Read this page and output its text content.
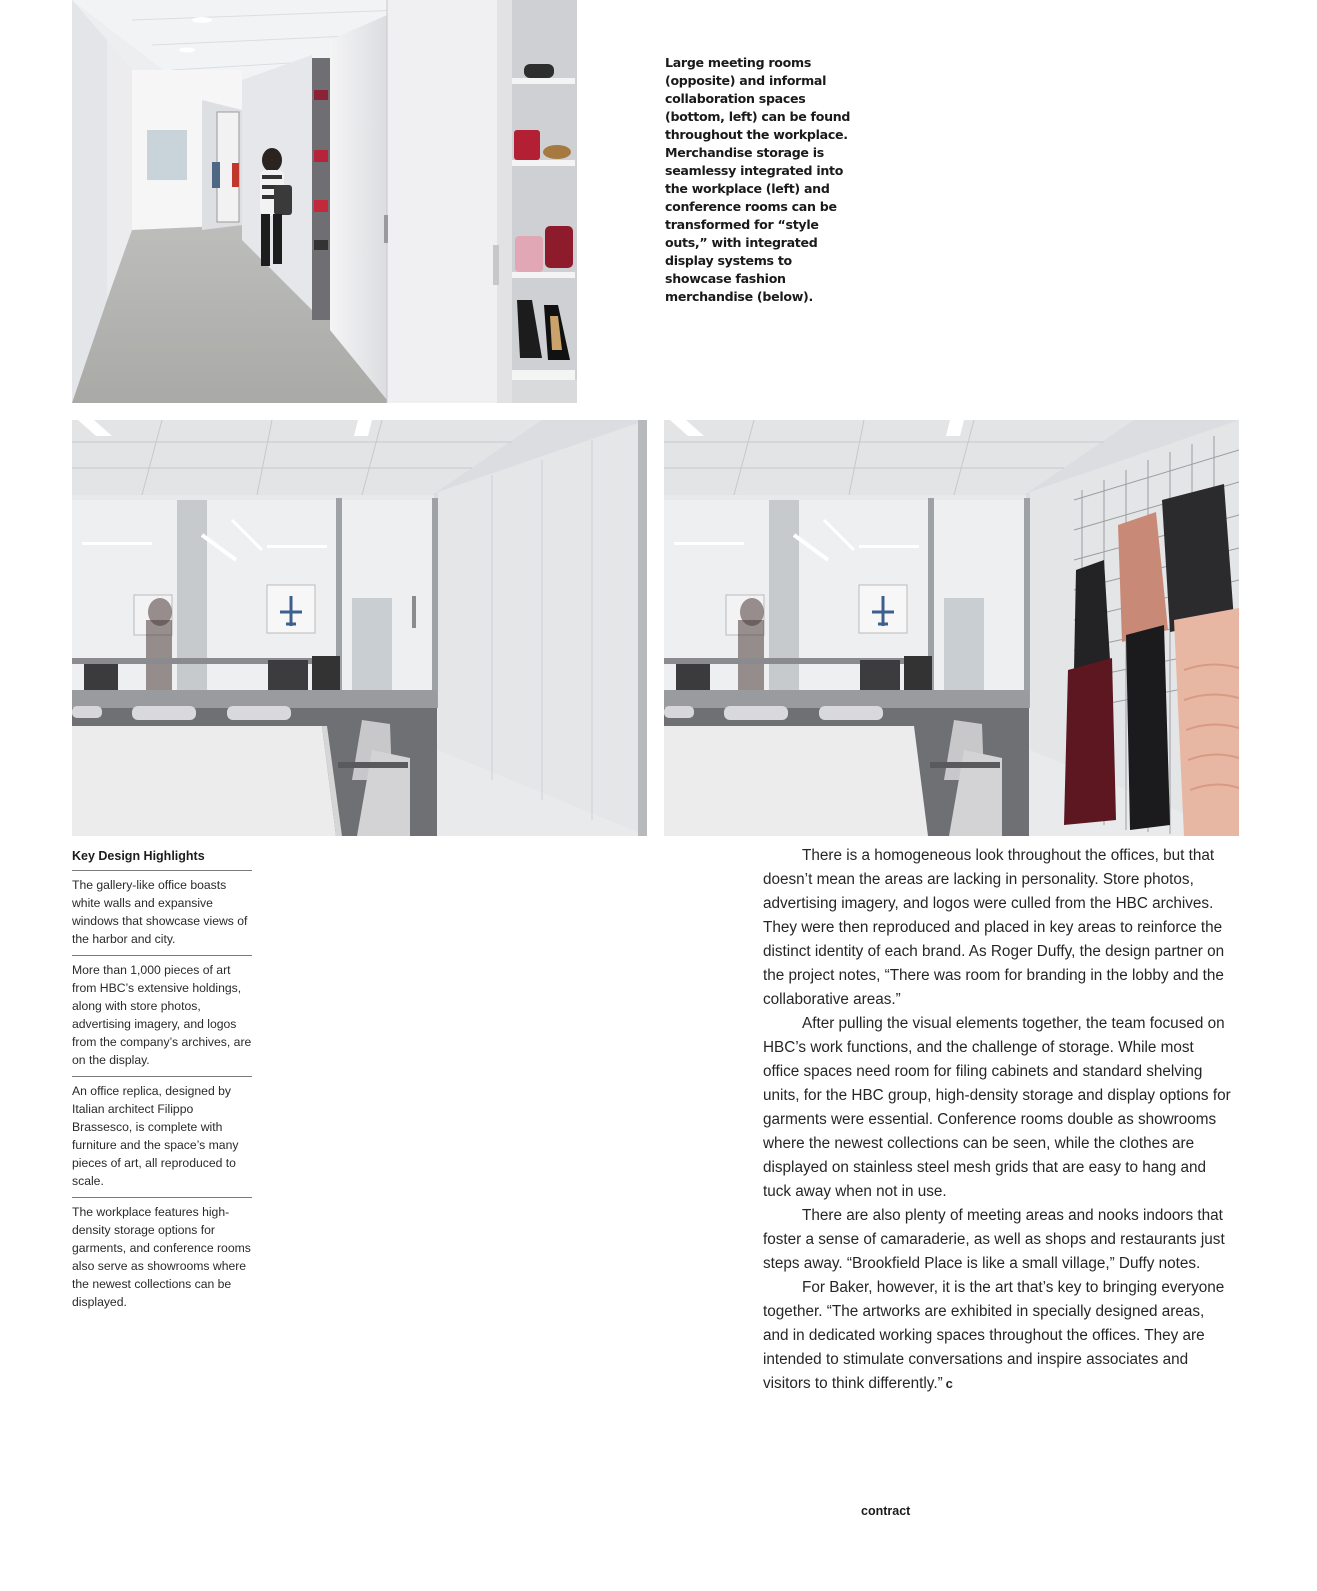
Large meeting rooms (opposite) and informal collaboration spaces (bottom, left) can be found throughout the workplace. Merchandise storage is seamlessy integrated into the workplace (left) and conference rooms can be transformed for “style outs,” with integrated display systems to showcase fashion merchandise (below).
Key Design Highlights
The gallery-like office boasts white walls and expansive windows that showcase views of the harbor and city.
More than 1,000 pieces of art from HBC’s extensive holdings, along with store photos, advertising imagery, and logos from the company’s archives, are on the display.
An office replica, designed by Italian architect Filippo Brassesco, is complete with furniture and the space’s many pieces of art, all reproduced to scale.
The workplace features high-density storage options for garments, and conference rooms also serve as showrooms where the newest collections can be displayed.

There is a homogeneous look throughout the offices, but that doesn’t mean the areas are lacking in personality. Store photos, advertising imagery, and logos were culled from the HBC archives. They were then reproduced and placed in key areas to reinforce the distinct identity of each brand. As Roger Duffy, the design partner on the project notes, “There was room for branding in the lobby and the collaborative areas.”

After pulling the visual elements together, the team focused on HBC’s work functions, and the challenge of storage. While most office spaces need room for filing cabinets and standard shelving units, for the HBC group, high-density storage and display options for garments were essential. Conference rooms double as showrooms where the newest collections can be seen, while the clothes are displayed on stainless steel mesh grids that are easy to hang and tuck away when not in use.

There are also plenty of meeting areas and nooks indoors that foster a sense of camaraderie, as well as shops and restaurants just steps away. “Brookfield Place is like a small village,” Duffy notes.

For Baker, however, it is the art that’s key to bringing everyone together. “The artworks are exhibited in specially designed areas, and in dedicated working spaces throughout the offices. They are intended to stimulate conversations and inspire associates and visitors to think differently.” c

contract
